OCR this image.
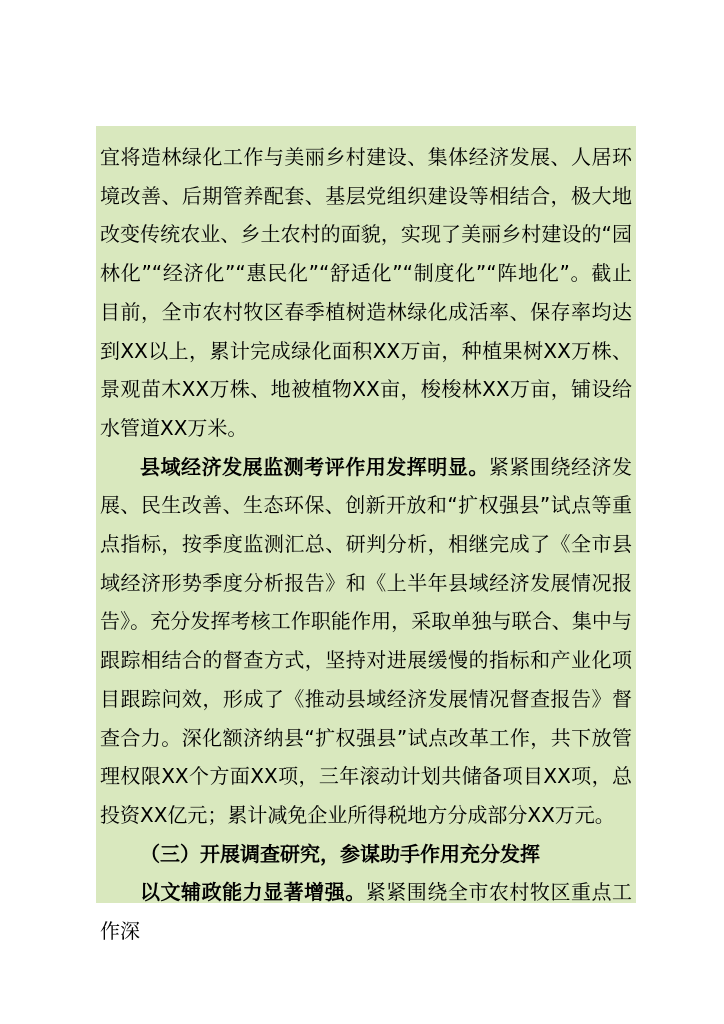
宜将造林绿化工作与美丽乡村建设、集体经济发展、人居环境改善、后期管养配套、基层党组织建设等相结合，极大地改变传统农业、乡土农村的面貌，实现了美丽乡村建设的“园林化”“经济化”“惠民化”“舒适化”“制度化”“阵地化”。截止目前，全市农村牧区春季植树造林绿化成活率、保存率均达到XX以上，累计完成绿化面积XX万亩，种植果树XX万株、景观苗木XX万株、地被植物XX亩，梭梭林XX万亩，铺设给水管道XX万米。

县域经济发展监测考评作用发挥明显。紧紧围绕经济发展、民生改善、生态环保、创新开放和“扩权强县”试点等重点指标，按季度监测汇总、研判分析，相继完成了《全市县域经济形势季度分析报告》和《上半年县域经济发展情况报告》。充分发挥考核工作职能作用，采取单独与联合、集中与跟踪相结合的督查方式，坚持对进展缓慢的指标和产业化项目跟踪问效，形成了《推动县域经济发展情况督查报告》督查合力。深化额济纳县“扩权强县”试点改革工作，共下放管理权限XX个方面XX项，三年滚动计划共储备项目XX项，总投资XX亿元；累计减免企业所得税地方分成部分XX万元。

（三）开展调查研究，参谋助手作用充分发挥

以文辅政能力显著增强。紧紧围绕全市农村牧区重点工作深
